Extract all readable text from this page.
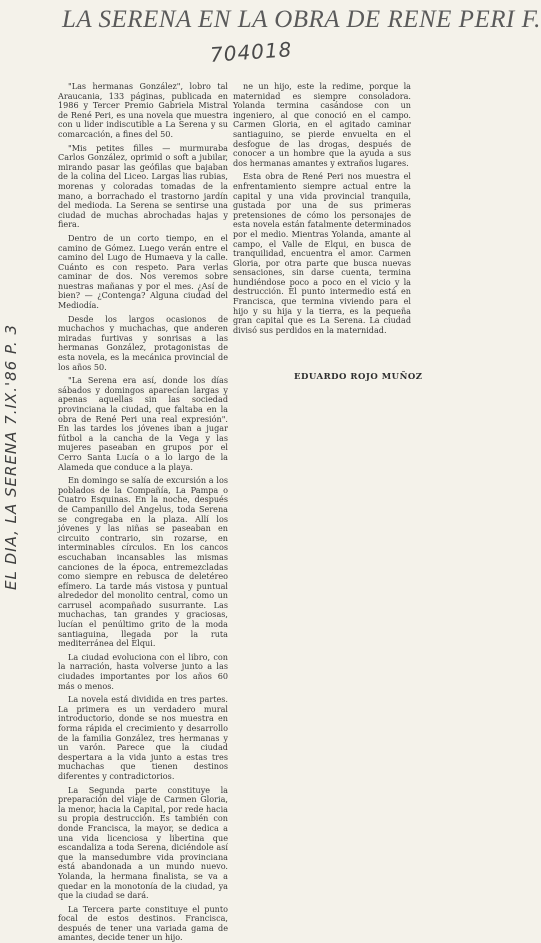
LA SERENA EN LA OBRA DE RENE PERI F.
704018
EL DIA, LA SERENA 7.IX.'86 P. 3

"Las hermanas González", lobro tal Araucania, 133 páginas, publicada en 1986 y Tercer Premio Gabriela Mistral de René Peri, es una novela que muestra con u lider indiscutible a La Serena y su comarcación, a fines del 50.

"Mis petites filles — murmuraba Carlos González, oprimid o soft a jubilar, mirando pasar las geófilas que bajaban de la colina del Liceo. Largas lias rubias, morenas y coloradas tomadas de la mano, a borrachado el trastorno jardín del medioda. La Serena se sentirse una ciudad de muchas abrochadas hajas y fiera.

Dentro de un corto tiempo, en el camino de Gómez. Luego verán entre el camino del Lugo de Humaeva y la calle. Cuánto es con respeto. Para verlas caminar de dos. Nos veremos sobre nuestras mañanas y por el mes. ¿Así de bien? — ¿Contenga? Alguna ciudad del Mediodía.

Desde los largos ocasionos de muchachos y muchachas, que anderen miradas furtivas y sonrisas a las hermanas González, protagonistas de esta novela, es la mecánica provincial de los años 50.

"La Serena era así, donde los días sábados y domingos aparecían largas y apenas aquellas sin las sociedad provinciana la ciudad, que faltaba en la obra de René Peri una real expresión". En las tardes los jóvenes iban a jugar fútbol a la cancha de la Vega y las mujeres paseaban en grupos por el Cerro Santa Lucía o a lo largo de la Alameda que conduce a la playa.

En domingo se salía de excursión a los poblados de la Compañía, La Pampa o Cuatro Esquinas. En la noche, después de Campanillo del Angelus, toda Serena se congregaba en la plaza. Allí los jóvenes y las niñas se paseaban en circuito contrario, sin rozarse, en interminables círculos. En los cancos escuchaban incansables las mismas canciones de la época, entremezcladas como siempre en rebusca de deletéreo efímero. La tarde más vistosa y puntual alrededor del monolito central, como un carrusel acompañado susurrante. Las muchachas, tan grandes y graciosas, lucían el penúltimo grito de la moda santiaguina, llegada por la ruta mediterránea del Elqui.

La ciudad evoluciona con el libro, con la narración, hasta volverse junto a las ciudades importantes por los años 60 más o menos.

La novela está dividida en tres partes. La primera es un verdadero mural introductorio, donde se nos muestra en forma rápida el crecimiento y desarrollo de la familia González, tres hermanas y un varón. Parece que la ciudad despertara a la vida junto a estas tres muchachas que tienen destinos diferentes y contradictorios.

La Segunda parte constituye la preparación del viaje de Carmen Gloria, la menor, hacia la Capital, por rede hacia su propia destrucción. Es también con donde Francisca, la mayor, se dedica a una vida licenciosa y libertina que escandaliza a toda Serena, diciéndole así que la mansedumbre vida provinciana está abandonada a un mundo nuevo. Yolanda, la hermana finalista, se va a quedar en la monotonía de la ciudad, ya que la ciudad se dará.

La Tercera parte constituye el punto focal de estos destinos. Francisca, después de tener una variada gama de amantes, decide tener un hijo.

ne un hijo, este la redime, porque la maternidad es siempre consoladora. Yolanda termina casándose con un ingeniero, al que conoció en el campo. Carmen Gloria, en el agitado caminar santiaguino, se pierde envuelta en el desfogue de las drogas, después de conocer a un hombre que la ayuda a sus dos hermanas amantes y extraños lugares.

Esta obra de René Peri nos muestra el enfrentamiento siempre actual entre la capital y una vida provincial tranquila, gustada por una de sus primeras pretensiones de cómo los personajes de esta novela están fatalmente determinados por el medio. Mientras Yolanda, amante al campo, el Valle de Elqui, en busca de tranquilidad, encuentra el amor. Carmen Gloria, por otra parte que busca nuevas sensaciones, sin darse cuenta, termina hundiéndose poco a poco en el vicio y la destrucción. El punto intermedio está en Francisca, que termina viviendo para el hijo y su hija y la tierra, es la pequeña gran capital que es La Serena. La ciudad divisó sus perdidos en la maternidad.

EDUARDO ROJO MUÑOZ
